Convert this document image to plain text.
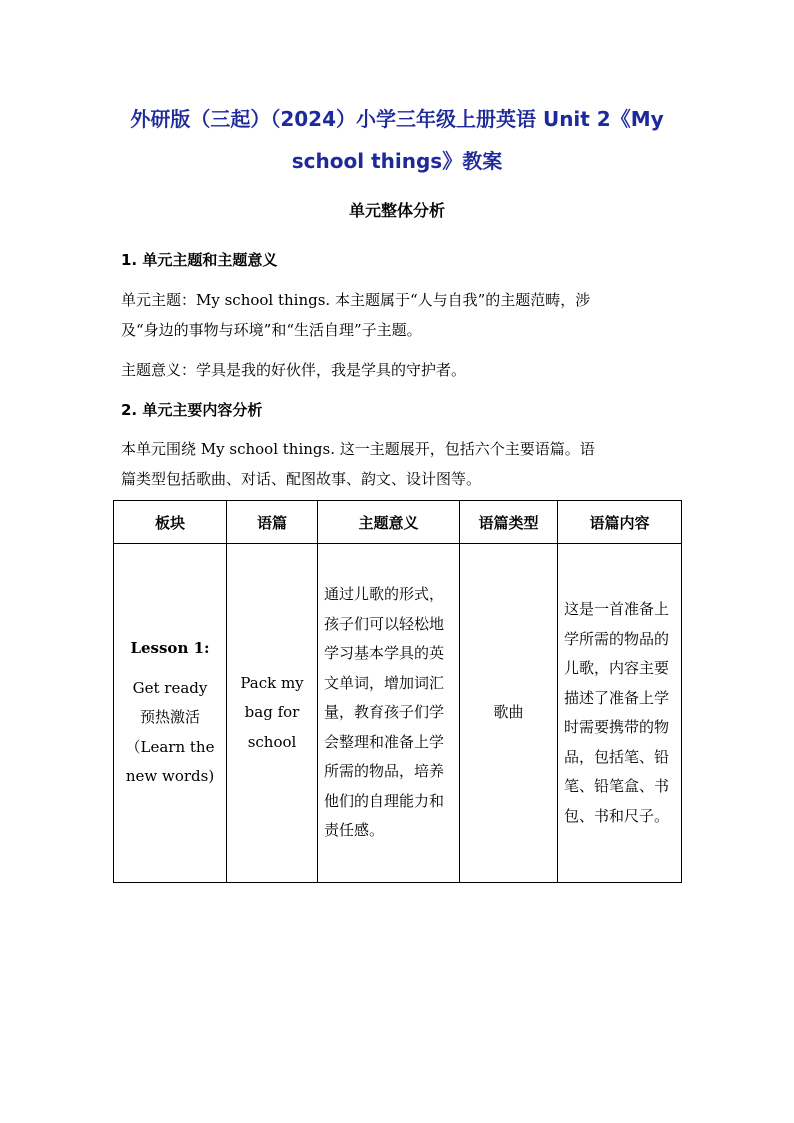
外研版（三起）（2024）小学三年级上册英语 Unit 2《My
school things》教案
单元整体分析
1. 单元主题和主题意义
单元主题：My school things. 本主题属于“人与自我”的主题范畴，涉
及“身边的事物与环境”和“生活自理”子主题。
主题意义：学具是我的好伙伴，我是学具的守护者。
2. 单元主要内容分析
本单元围绕 My school things. 这一主题展开，包括六个主要语篇。语
篇类型包括歌曲、对话、配图故事、韵文、设计图等。
板块	语篇	主题意义	语篇类型	语篇内容

Lesson 1:
Get ready
预热激活
（Learn the
new words)	Pack my
bag for
school	通过儿歌的形式，孩子们可以轻松地学习基本学具的英文单词，增加词汇量，教育孩子们学会整理和准备上学所需的物品，培养他们的自理能力和责任感。	歌曲	这是一首准备上学所需的物品的儿歌，内容主要描述了准备上学时需要携带的物品，包括笔、铅笔、铅笔盒、书包、书和尺子。
